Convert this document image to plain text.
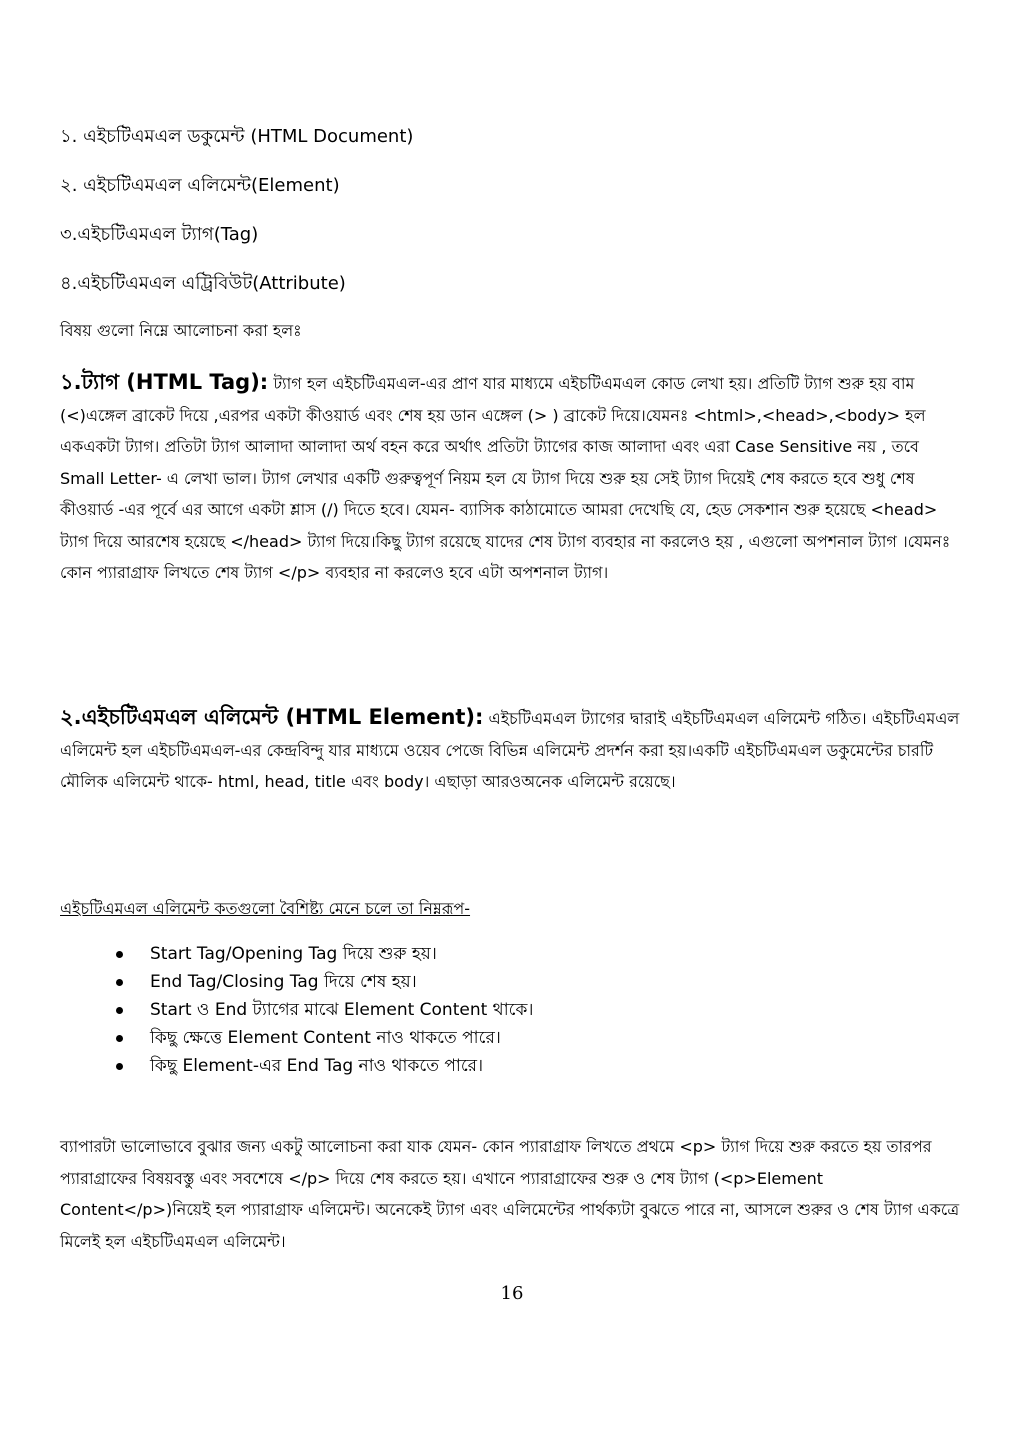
১. এইচটিএমএল ডকুমেন্ট (HTML Document)
২. এইচটিএমএল এলিমেন্ট(Element)
৩.এইচটিএমএল ট্যাগ(Tag)
৪.এইচটিএমএল এট্রিবিউট(Attribute)
বিষয় গুলো নিম্নে আলোচনা করা হলঃ
১.ট্যাগ (HTML Tag): ট্যাগ হল এইচটিএমএল-এর প্রাণ যার মাধ্যমে এইচটিএমএল কোড লেখা হয়। প্রতিটি ট্যাগ শুরু হয় বাম (<)এঙ্গেল ব্রাকেট দিয়ে ,এরপর একটা কীওয়ার্ড এবং শেষ হয় ডান এঙ্গেল (> ) ব্রাকেট দিয়ে।যেমনঃ <html>,<head>,<body> হল একএকটা ট্যাগ। প্রতিটা ট্যাগ আলাদা আলাদা অর্থ বহন করে অর্থাৎ প্রতিটা ট্যাগের কাজ আলাদা এবং এরা Case Sensitive নয় , তবে Small Letter- এ লেখা ভাল। ট্যাগ লেখার একটি গুরুত্বপূর্ণ নিয়ম হল যে ট্যাগ দিয়ে শুরু হয় সেই ট্যাগ দিয়েই শেষ করতে হবে শুধু শেষ কীওয়ার্ড -এর পূর্বে এর আগে একটা শ্লাস (/) দিতে হবে। যেমন- ব্যাসিক কাঠামোতে আমরা দেখেছি যে, হেড সেকশান শুরু হয়েছে <head> ট্যাগ দিয়ে আরশেষ হয়েছে </head> ট্যাগ দিয়ে।কিছু ট্যাগ রয়েছে যাদের শেষ ট্যাগ ব্যবহার না করলেও হয় , এগুলো অপশনাল ট্যাগ ।যেমনঃ কোন প্যারাগ্রাফ লিখতে শেষ ট্যাগ </p> ব্যবহার না করলেও হবে এটা অপশনাল ট্যাগ।
২.এইচটিএমএল এলিমেন্ট (HTML Element): এইচটিএমএল ট্যাগের দ্বারাই এইচটিএমএল এলিমেন্ট গঠিত। এইচটিএমএল এলিমেন্ট হল এইচটিএমএল-এর কেন্দ্রবিন্দু যার মাধ্যমে ওয়েব পেজে বিভিন্ন এলিমেন্ট প্রদর্শন করা হয়।একটি এইচটিএমএল ডকুমেন্টের চারটি মৌলিক এলিমেন্ট থাকে- html, head, title এবং body। এছাড়া আরওঅনেক এলিমেন্ট রয়েছে।
এইচটিএমএল এলিমেন্ট কতগুলো বৈশিষ্ট্য মেনে চলে তা নিম্নরূপ-
Start Tag/Opening Tag দিয়ে শুরু হয়।
End Tag/Closing Tag দিয়ে শেষ হয়।
Start ও End ট্যাগের মাঝে Element Content থাকে।
কিছু ক্ষেত্তে Element Content নাও থাকতে পারে।
কিছু Element-এর End Tag নাও থাকতে পারে।
ব্যাপারটা ভালোভাবে বুঝার জন্য একটু আলোচনা করা যাক যেমন- কোন প্যারাগ্রাফ লিখতে প্রথমে <p> ট্যাগ দিয়ে শুরু করতে হয় তারপর প্যারাগ্রাফের বিষয়বস্তু এবং সবশেষে </p> দিয়ে শেষ করতে হয়। এখানে প্যারাগ্রাফের শুরু ও শেষ ট্যাগ (<p>Element Content</p>)নিয়েই হল প্যারাগ্রাফ এলিমেন্ট। অনেকেই ট্যাগ এবং এলিমেন্টের পার্থক্যটা বুঝতে পারে না, আসলে শুরুর ও শেষ ট্যাগ একত্রে মিলেই হল এইচটিএমএল এলিমেন্ট।
16
